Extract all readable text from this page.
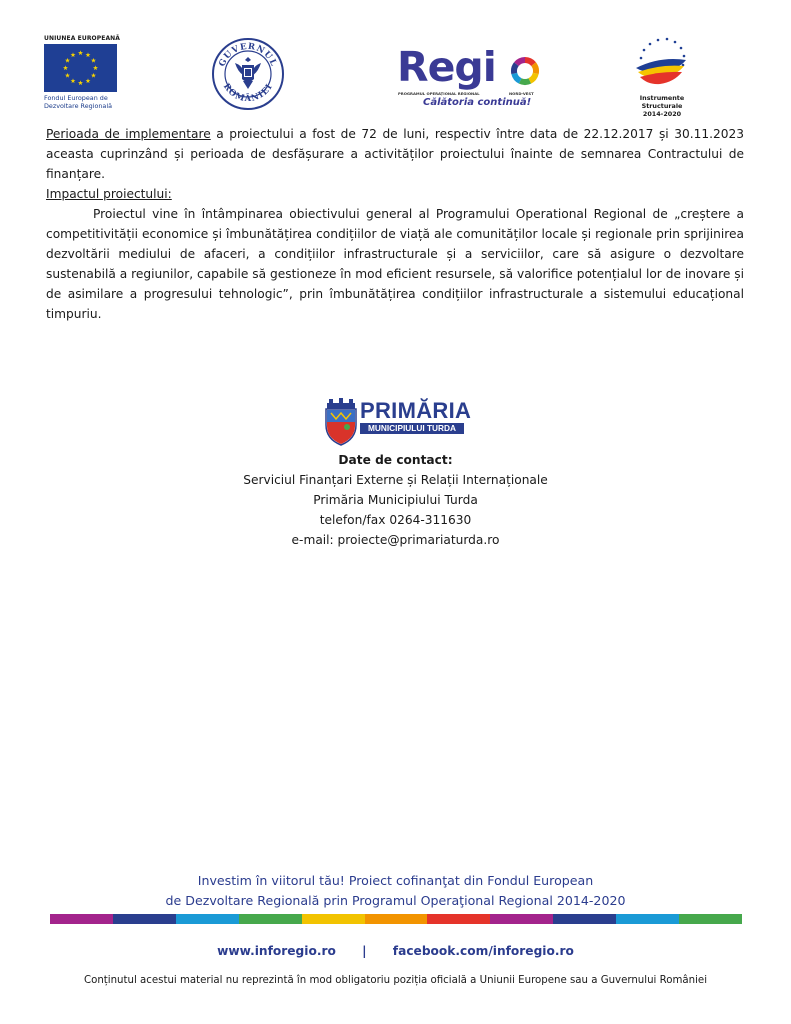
UNIUNEA EUROPEANĂ
Fondul European de
Dezvoltare Regională
GUVERNUL
ROMÂNIEI	Regi
PROGRAMUL OPERAȚIONAL REGIONAL	NORD-VEST
Călătoria continuă!	Instrumente Structurale
2014-2020
Perioada de implementare a proiectului a fost de 72 de luni, respectiv între data de 22.12.2017 și 30.11.2023 aceasta cuprinzând și perioada de desfășurare a activităților proiectului înainte de semnarea Contractului de finanțare.
Impactul proiectului:
Proiectul vine în întâmpinarea obiectivului general al Programului Operational Regional de „creștere a competitivității economice și îmbunătățirea condițiilor de viață ale comunităților locale și regionale prin sprijinirea dezvoltării mediului de afaceri, a condițiilor infrastructurale și a serviciilor, care să asigure o dezvoltare sustenabilă a regiunilor, capabile să gestioneze în mod eficient resursele, să valorifice potențialul lor de inovare și de asimilare a progresului tehnologic”, prin îmbunătățirea condițiilor infrastructurale a sistemului educațional timpuriu.
PRIMĂRIA
MUNICIPIULUI TURDA
Date de contact:
Serviciul Finanțari Externe și Relații Internaționale
Primăria Municipiului Turda
telefon/fax 0264-311630
e-mail: proiecte@primariaturda.ro
Investim în viitorul tău! Proiect cofinanţat din Fondul European
de Dezvoltare Regională prin Programul Operaţional Regional 2014-2020
www.inforegio.ro | facebook.com/inforegio.ro
Conținutul acestui material nu reprezintă în mod obligatoriu poziția oficială a Uniunii Europene sau a Guvernului României
